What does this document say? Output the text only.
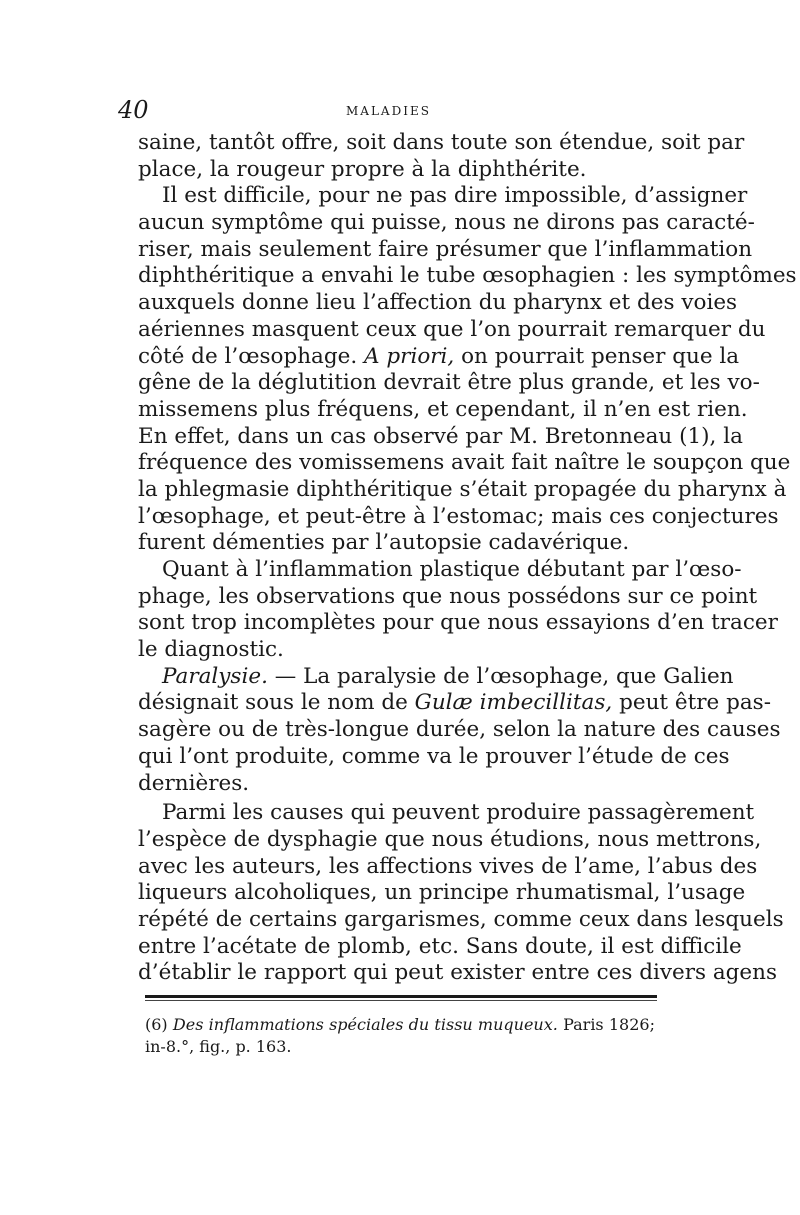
40	MALADIES
saine, tantôt offre, soit dans toute son étendue, soit par
place, la rougeur propre à la diphthérite.
Il est difficile, pour ne pas dire impossible, d’assigner
aucun symptôme qui puisse, nous ne dirons pas caracté-
riser, mais seulement faire présumer que l’inflammation
diphthéritique a envahi le tube œsophagien : les symptômes
auxquels donne lieu l’affection du pharynx et des voies
aériennes masquent ceux que l’on pourrait remarquer du
côté de l’œsophage. A priori, on pourrait penser que la
gêne de la déglutition devrait être plus grande, et les vo-
missemens plus fréquens, et cependant, il n’en est rien.
En effet, dans un cas observé par M. Bretonneau (1), la
fréquence des vomissemens avait fait naître le soupçon que
la phlegmasie diphthéritique s’était propagée du pharynx à
l’œsophage, et peut-être à l’estomac; mais ces conjectures
furent démenties par l’autopsie cadavérique.
Quant à l’inflammation plastique débutant par l’œso-
phage, les observations que nous possédons sur ce point
sont trop incomplètes pour que nous essayions d’en tracer
le diagnostic.
Paralysie. — La paralysie de l’œsophage, que Galien
désignait sous le nom de Gulæ imbecillitas, peut être pas-
sagère ou de très-longue durée, selon la nature des causes
qui l’ont produite, comme va le prouver l’étude de ces
dernières.
Parmi les causes qui peuvent produire passagèrement
l’espèce de dysphagie que nous étudions, nous mettrons,
avec les auteurs, les affections vives de l’ame, l’abus des
liqueurs alcoholiques, un principe rhumatismal, l’usage
répété de certains gargarismes, comme ceux dans lesquels
entre l’acétate de plomb, etc. Sans doute, il est difficile
d’établir le rapport qui peut exister entre ces divers agens
(6) Des inflammations spéciales du tissu muqueux. Paris 1826;
in-8.°, fig., p. 163.
